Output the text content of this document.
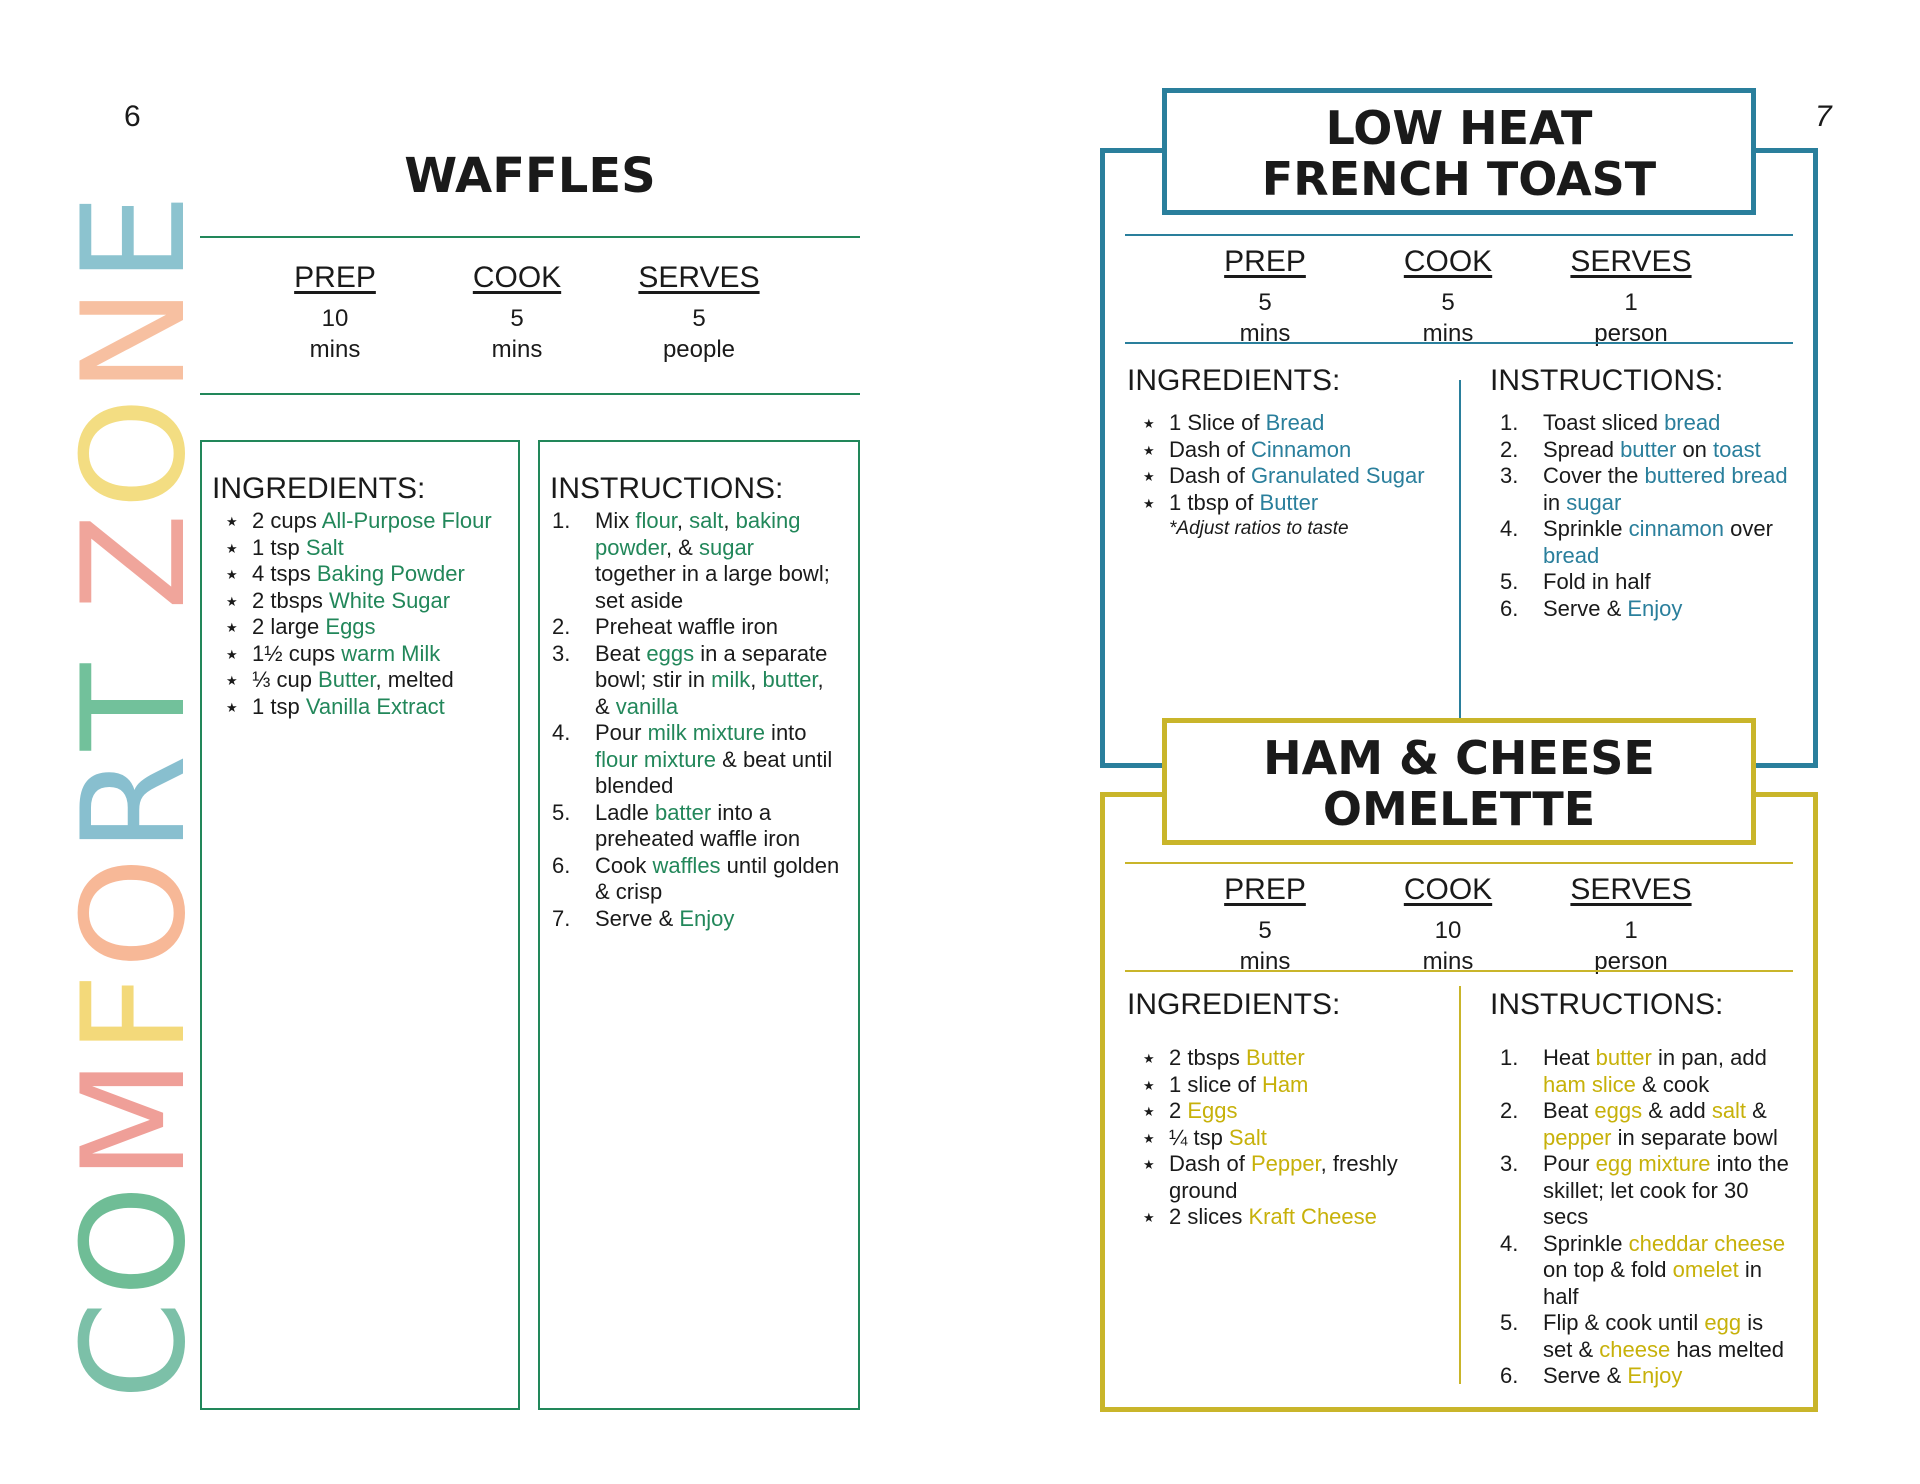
6
C
O
M
F
O
R
T

Z
O
N
E
WAFFLES
PREP
10
mins
COOK
5
mins
SERVES
5
people
INGREDIENTS:
★ 2 cups All-Purpose Flour
★ 1 tsp Salt
★ 4 tsps Baking Powder
★ 2 tbsps White Sugar
★ 2 large Eggs
★ 1½ cups warm Milk
★ ⅓ cup Butter, melted
★ 1 tsp Vanilla Extract
INSTRUCTIONS:
1. Mix flour, salt, baking powder, & sugar together in a large bowl; set aside
2. Preheat waffle iron
3. Beat eggs in a separate bowl; stir in milk, butter, & vanilla
4. Pour milk mixture into flour mixture & beat until blended
5. Ladle batter into a preheated waffle iron
6. Cook waffles until golden & crisp
7. Serve & Enjoy
7
LOW HEAT
FRENCH TOAST
PREP
5
mins
COOK
5
mins
SERVES
1
person
INGREDIENTS:
★ 1 Slice of Bread
★ Dash of Cinnamon
★ Dash of Granulated Sugar
★ 1 tbsp of Butter
*Adjust ratios to taste
INSTRUCTIONS:
1. Toast sliced bread
2. Spread butter on toast
3. Cover the buttered bread in sugar
4. Sprinkle cinnamon over bread
5. Fold in half
6. Serve & Enjoy
HAM & CHEESE
OMELETTE
PREP
5
mins
COOK
10
mins
SERVES
1
person
INGREDIENTS:
★ 2 tbsps Butter
★ 1 slice of Ham
★ 2 Eggs
★ ¼ tsp Salt
★ Dash of Pepper, freshly ground
★ 2 slices Kraft Cheese
INSTRUCTIONS:
1. Heat butter in pan, add ham slice & cook
2. Beat eggs & add salt & pepper in separate bowl
3. Pour egg mixture into the skillet; let cook for 30 secs
4. Sprinkle cheddar cheese on top & fold omelet in half
5. Flip & cook until egg is set & cheese has melted
6. Serve & Enjoy
